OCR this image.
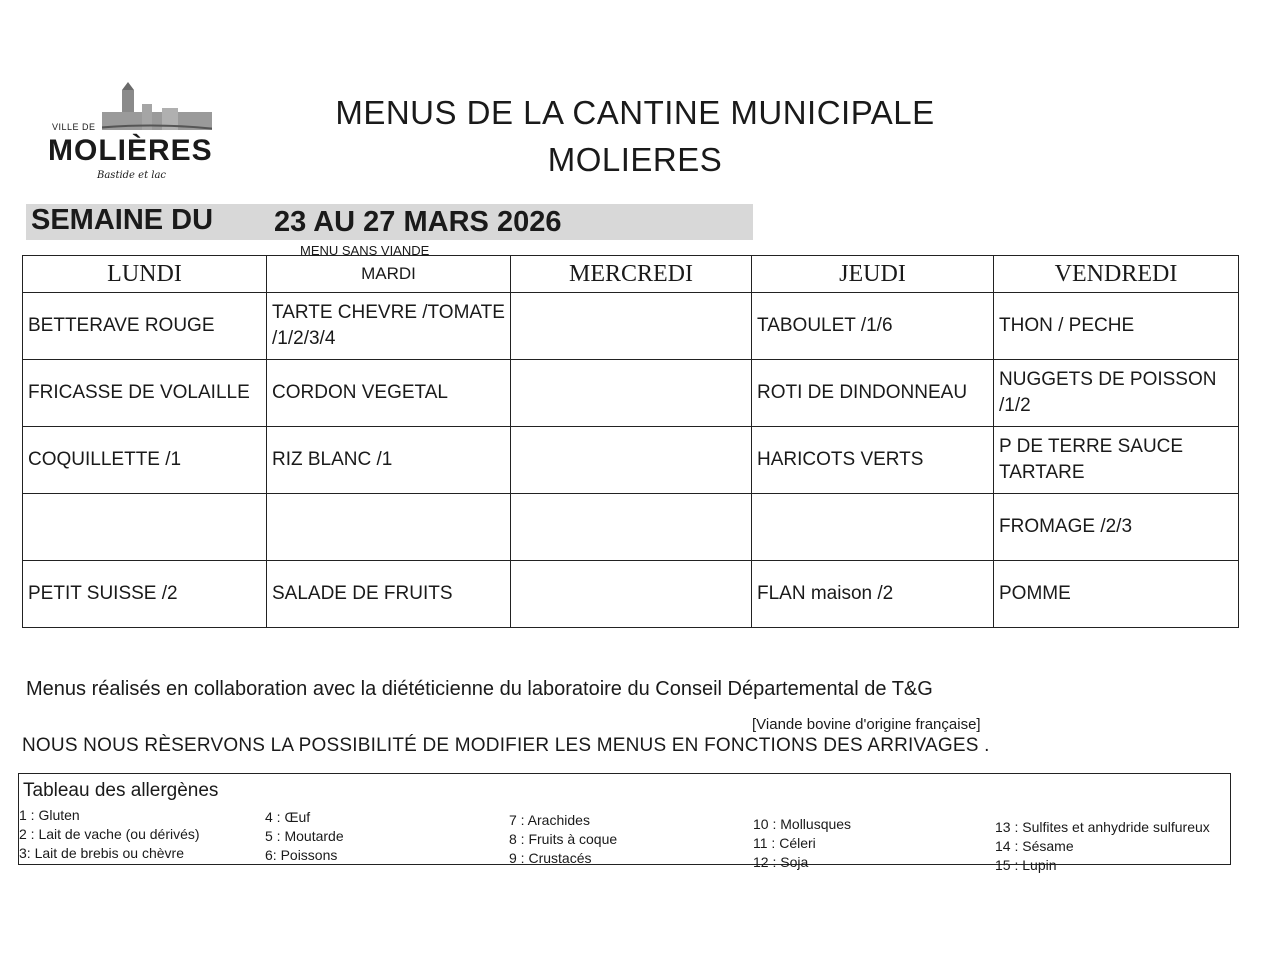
VILLE DE
MOLIÈRES
Bastide et lac
MENUS DE LA CANTINE MUNICIPALE
MOLIERES
SEMAINE DU 23 AU 27 MARS 2026
MENU SANS VIANDE
LUNDI	MARDI	MERCREDI	JEUDI	VENDREDI
BETTERAVE ROUGE	TARTE CHEVRE /TOMATE /1/2/3/4		TABOULET /1/6	THON / PECHE
FRICASSE DE VOLAILLE	CORDON VEGETAL		ROTI DE DINDONNEAU	NUGGETS DE POISSON /1/2
COQUILLETTE /1	RIZ BLANC /1		HARICOTS VERTS	P DE TERRE SAUCE TARTARE
				FROMAGE /2/3
PETIT SUISSE /2	SALADE DE FRUITS		FLAN maison /2	POMME
Menus réalisés en collaboration avec la diététicienne du laboratoire du Conseil Départemental de T&G
[Viande bovine d'origine française]
NOUS NOUS RÈSERVONS LA POSSIBILITÉ DE MODIFIER LES MENUS EN FONCTIONS DES ARRIVAGES .
Tableau des allergènes
1 : Gluten
2 : Lait de vache (ou dérivés)
3: Lait de brebis ou chèvre
4 : Œuf
5 : Moutarde
6: Poissons
7 : Arachides
8 : Fruits à coque
9 : Crustacés
10 : Mollusques
11 : Céleri
12 : Soja
13 : Sulfites et anhydride sulfureux
14 : Sésame
15 : Lupin
